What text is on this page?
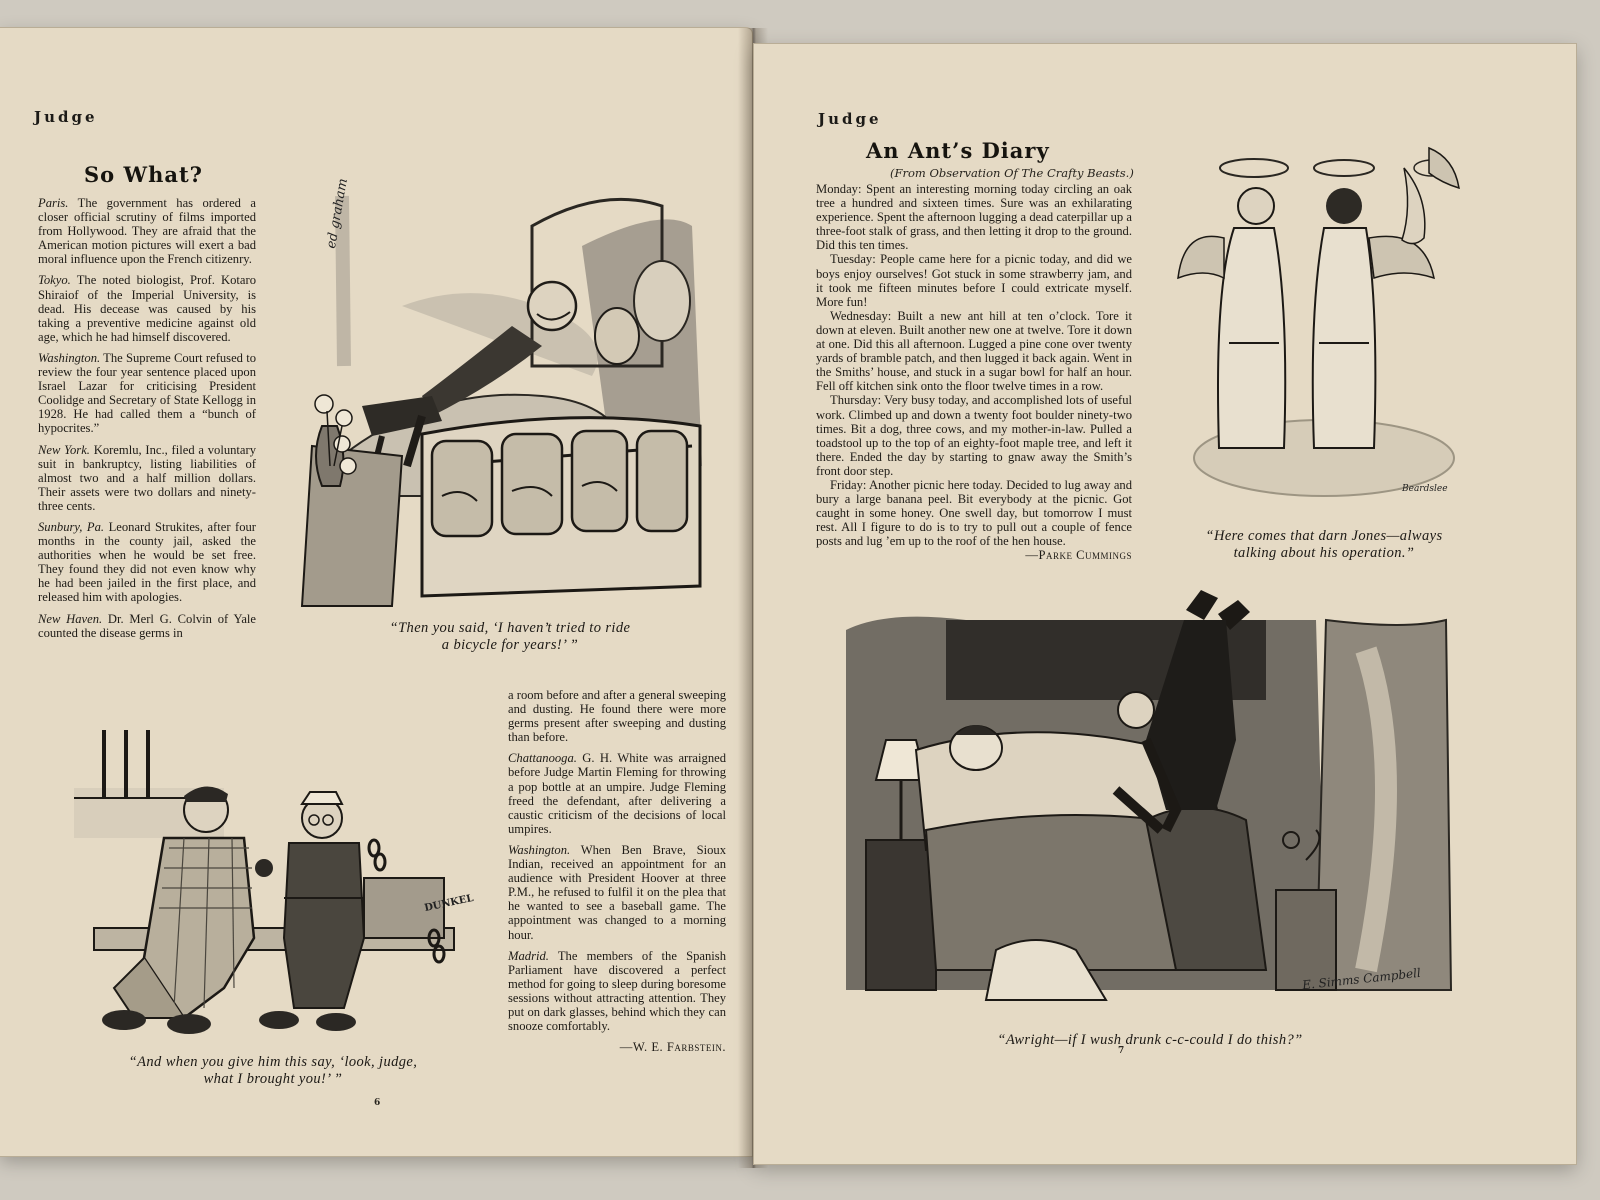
Judge
So What?

Paris. The government has ordered a closer official scrutiny of films imported from Hollywood. They are afraid that the American motion pictures will exert a bad moral influence upon the French citizenry.

Tokyo. The noted biologist, Prof. Kotaro Shiraiof of the Imperial University, is dead. His decease was caused by his taking a preventive medicine against old age, which he had himself discovered.

Washington. The Supreme Court refused to review the four year sentence placed upon Israel Lazar for criticising President Coolidge and Secretary of State Kellogg in 1928. He had called them a “bunch of hypocrites.”

New York. Koremlu, Inc., filed a voluntary suit in bankruptcy, listing liabilities of almost two and a half million dollars. Their assets were two dollars and ninety-three cents.

Sunbury, Pa. Leonard Strukites, after four months in the county jail, asked the authorities when he would be set free. They found they did not even know why he had been jailed in the first place, and released him with apologies.

New Haven. Dr. Merl G. Colvin of Yale counted the disease germs in

ed graham
“Then you said, ‘I haven’t tried to ride
a bicycle for years!’ ”

a room before and after a general sweeping and dusting. He found there were more germs present after sweeping and dusting than before.

Chattanooga. G. H. White was arraigned before Judge Martin Fleming for throwing a pop bottle at an umpire. Judge Fleming freed the defendant, after delivering a caustic criticism of the decisions of local umpires.

Washington. When Ben Brave, Sioux Indian, received an appointment for an audience with President Hoover at three P.M., he refused to fulfil it on the plea that he wanted to see a baseball game. The appointment was changed to a morning hour.

Madrid. The members of the Spanish Parliament have discovered a perfect method for going to sleep during boresome sessions without attracting attention. They put on dark glasses, behind which they can snooze comfortably.

—W. E. Farbstein.
DUNKEL
“And when you give him this say, ‘look, judge,
what I brought you!’ ”
6
Judge
An Ant’s Diary
(From Observation Of The Crafty Beasts.)

Monday: Spent an interesting morning today circling an oak tree a hundred and sixteen times. Sure was an exhilarating experience. Spent the afternoon lugging a dead caterpillar up a three-foot stalk of grass, and then letting it drop to the ground. Did this ten times.

Tuesday: People came here for a picnic today, and did we boys enjoy ourselves! Got stuck in some strawberry jam, and it took me fifteen minutes before I could extricate myself. More fun!

Wednesday: Built a new ant hill at ten o’clock. Tore it down at eleven. Built another new one at twelve. Tore it down at one. Did this all afternoon. Lugged a pine cone over twenty yards of bramble patch, and then lugged it back again. Went in the Smiths’ house, and stuck in a sugar bowl for half an hour. Fell off kitchen sink onto the floor twelve times in a row.

Thursday: Very busy today, and accomplished lots of useful work. Climbed up and down a twenty foot boulder ninety-two times. Bit a dog, three cows, and my mother-in-law. Pulled a toadstool up to the top of an eighty-foot maple tree, and left it there. Ended the day by starting to gnaw away the Smith’s front door step.

Friday: Another picnic here today. Decided to lug away and bury a large banana peel. Bit everybody at the picnic. Got caught in some honey. One swell day, but tomorrow I must rest. All I figure to do is to try to pull out a couple of fence posts and lug ’em up to the roof of the hen house.

—Parke Cummings
Beardslee
“Here comes that darn Jones—always
talking about his operation.”
E. Simms Campbell
“Awright—if I wush drunk c-c-could I do thish?”
7
